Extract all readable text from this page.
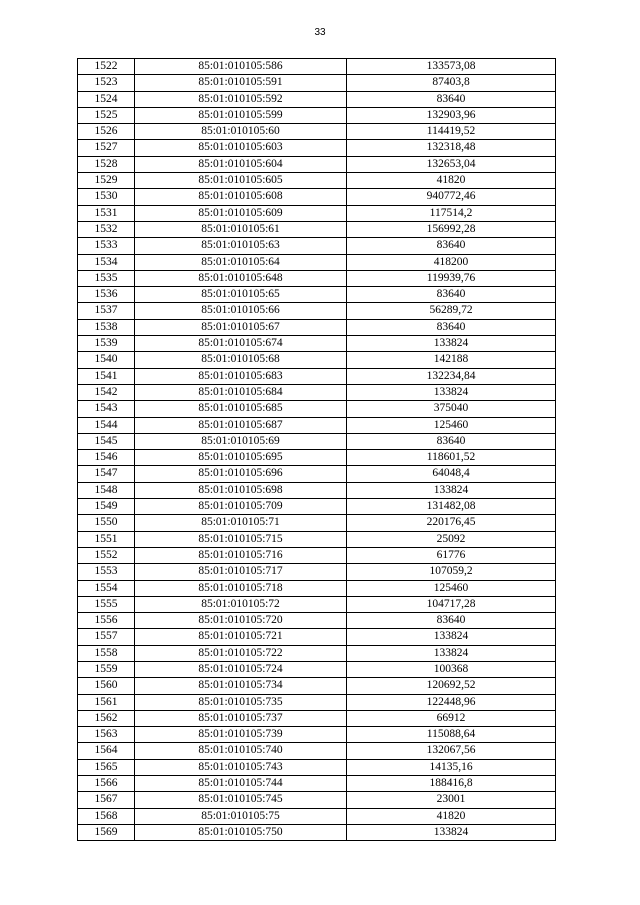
33
1522	85:01:010105:586	133573,08
1523	85:01:010105:591	87403,8
1524	85:01:010105:592	83640
1525	85:01:010105:599	132903,96
1526	85:01:010105:60	114419,52
1527	85:01:010105:603	132318,48
1528	85:01:010105:604	132653,04
1529	85:01:010105:605	41820
1530	85:01:010105:608	940772,46
1531	85:01:010105:609	117514,2
1532	85:01:010105:61	156992,28
1533	85:01:010105:63	83640
1534	85:01:010105:64	418200
1535	85:01:010105:648	119939,76
1536	85:01:010105:65	83640
1537	85:01:010105:66	56289,72
1538	85:01:010105:67	83640
1539	85:01:010105:674	133824
1540	85:01:010105:68	142188
1541	85:01:010105:683	132234,84
1542	85:01:010105:684	133824
1543	85:01:010105:685	375040
1544	85:01:010105:687	125460
1545	85:01:010105:69	83640
1546	85:01:010105:695	118601,52
1547	85:01:010105:696	64048,4
1548	85:01:010105:698	133824
1549	85:01:010105:709	131482,08
1550	85:01:010105:71	220176,45
1551	85:01:010105:715	25092
1552	85:01:010105:716	61776
1553	85:01:010105:717	107059,2
1554	85:01:010105:718	125460
1555	85:01:010105:72	104717,28
1556	85:01:010105:720	83640
1557	85:01:010105:721	133824
1558	85:01:010105:722	133824
1559	85:01:010105:724	100368
1560	85:01:010105:734	120692,52
1561	85:01:010105:735	122448,96
1562	85:01:010105:737	66912
1563	85:01:010105:739	115088,64
1564	85:01:010105:740	132067,56
1565	85:01:010105:743	14135,16
1566	85:01:010105:744	188416,8
1567	85:01:010105:745	23001
1568	85:01:010105:75	41820
1569	85:01:010105:750	133824
